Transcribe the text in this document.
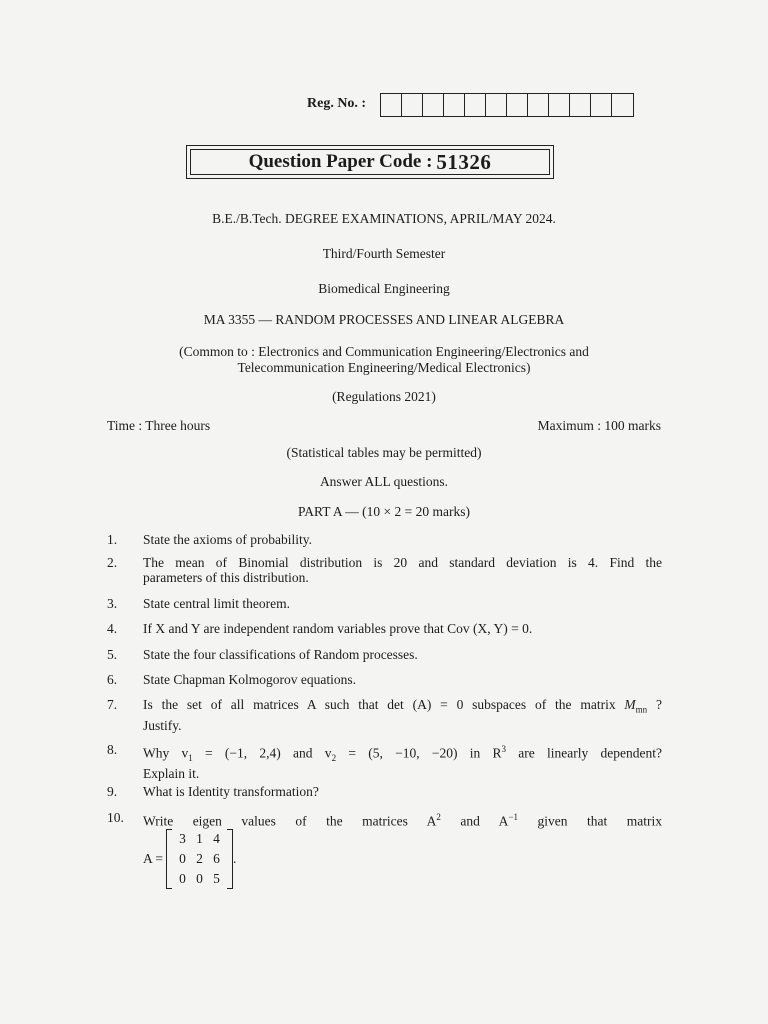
Reg. No. :
Question Paper Code :
51326
B.E./B.Tech. DEGREE EXAMINATIONS, APRIL/MAY 2024.
Third/Fourth Semester
Biomedical Engineering
MA 3355 — RANDOM PROCESSES AND LINEAR ALGEBRA
(Common to : Electronics and Communication Engineering/Electronics and
Telecommunication Engineering/Medical Electronics)
(Regulations 2021)
Time : Three hours	Maximum : 100 marks
(Statistical tables may be permitted)
Answer ALL questions.
PART A — (10 × 2 = 20 marks)
1.	State the axioms of probability.
2.	The mean of Binomial distribution is 20 and standard deviation is 4. Find the
parameters of this distribution.
3.	State central limit theorem.
4.	If X and Y are independent random variables prove that Cov (X, Y) = 0.
5.	State the four classifications of Random processes.
6.	State Chapman Kolmogorov equations.
7.	Is the set of all matrices A such that det (A) = 0 subspaces of the matrix $M_{mn}$ ?
Justify.
8.	Why $v_1 = (-1$, 2,4) and $v_2 = (5$, −10, −20) in $R^3$ are linearly dependent?
Explain it.
9.	What is Identity transformation?
10.	Write eigen values of the matrices $A^2$ and $A^{-1}$ given that matrix
A =
3 1 4
0 2 6
0 0 5
.
